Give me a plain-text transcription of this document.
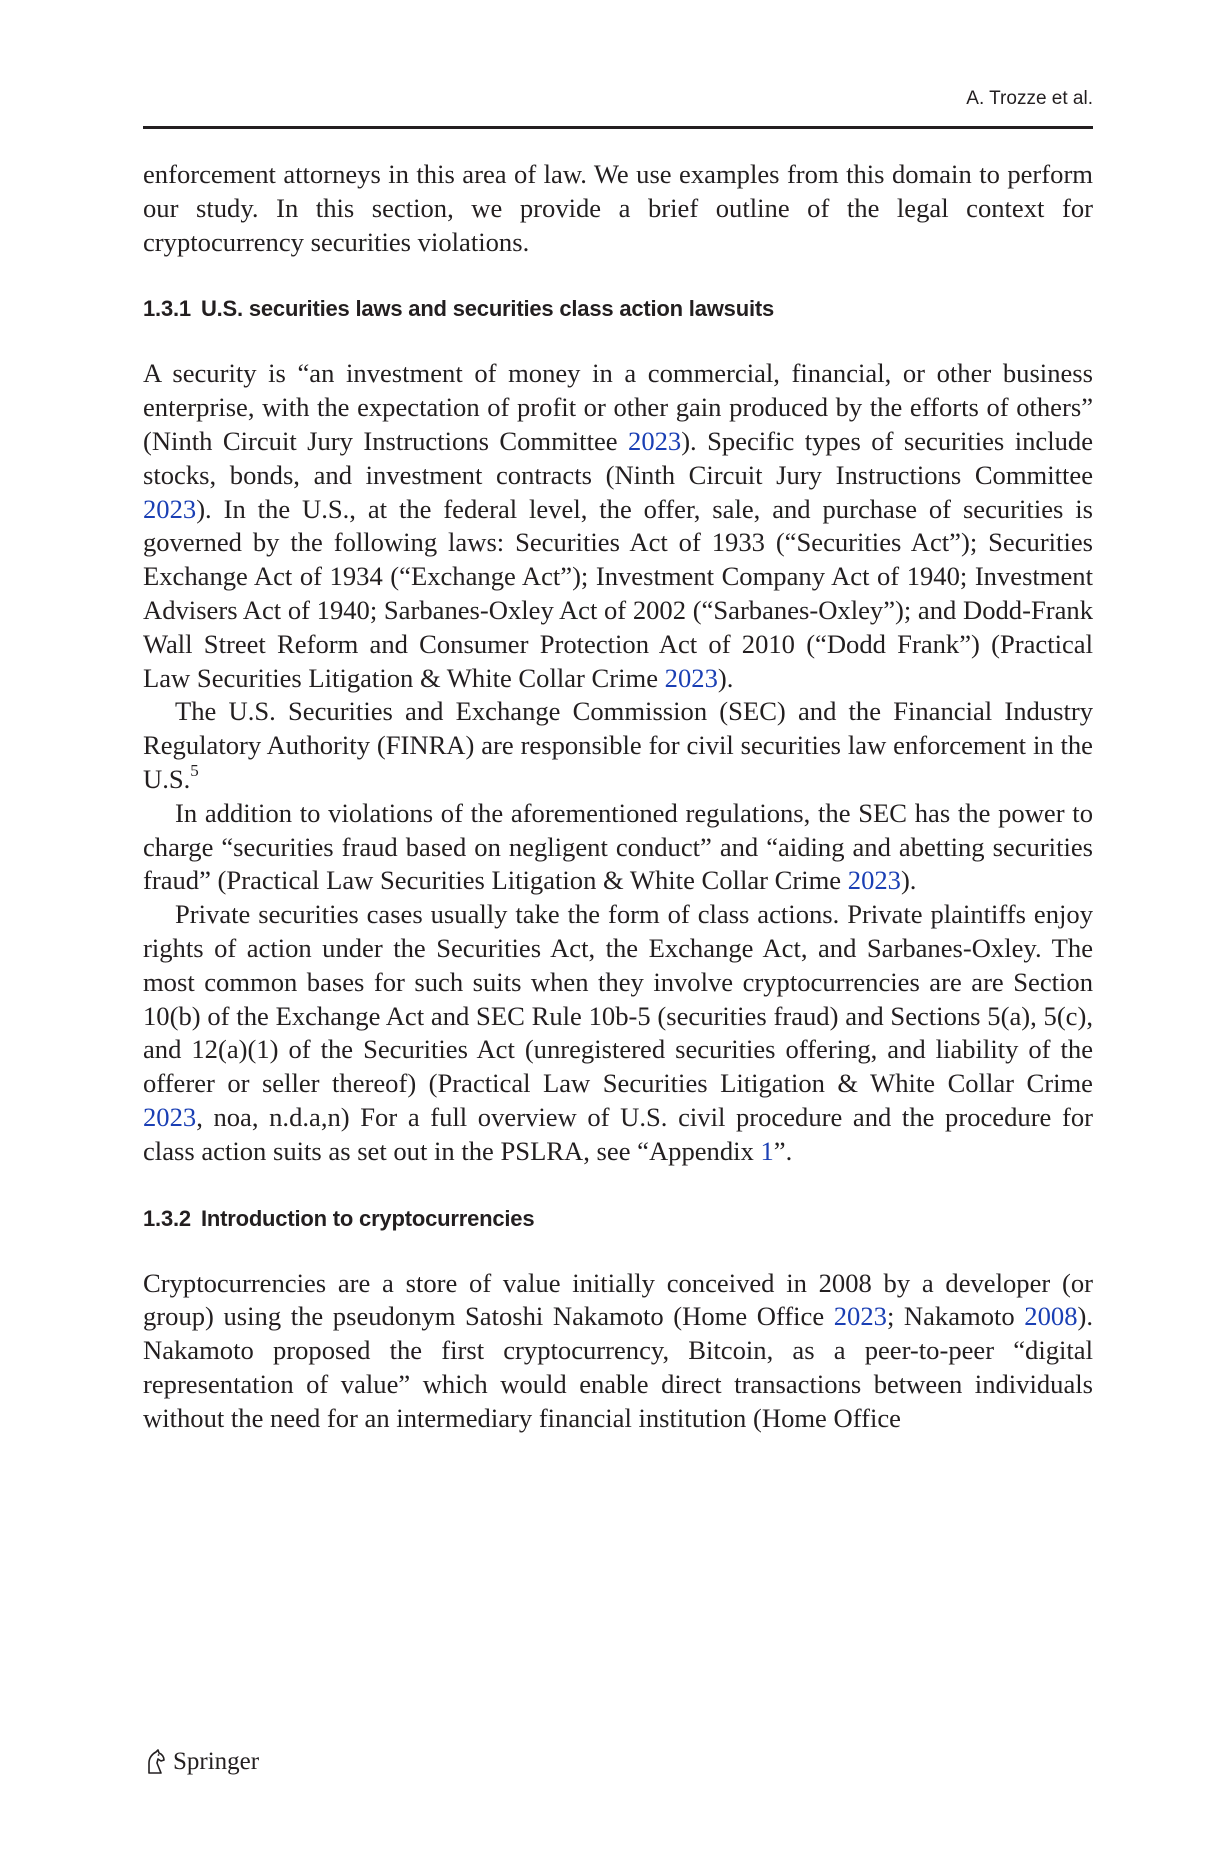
A. Trozze et al.

enforcement attorneys in this area of law. We use examples from this domain to perform our study. In this section, we provide a brief outline of the legal context for cryptocurrency securities violations.

1.3.1 U.S. securities laws and securities class action lawsuits

A security is “an investment of money in a commercial, financial, or other business enterprise, with the expectation of profit or other gain produced by the efforts of others” (Ninth Circuit Jury Instructions Committee 2023). Specific types of securities include stocks, bonds, and investment contracts (Ninth Circuit Jury Instructions Committee 2023). In the U.S., at the federal level, the offer, sale, and purchase of securities is governed by the following laws: Securities Act of 1933 (“Securities Act”); Securities Exchange Act of 1934 (“Exchange Act”); Investment Company Act of 1940; Investment Advisers Act of 1940; Sarbanes-Oxley Act of 2002 (“Sarbanes-Oxley”); and Dodd-Frank Wall Street Reform and Consumer Protection Act of 2010 (“Dodd Frank”) (Practical Law Securities Litigation & White Collar Crime 2023).

The U.S. Securities and Exchange Commission (SEC) and the Financial Industry Regulatory Authority (FINRA) are responsible for civil securities law enforcement in the U.S.$^5$

In addition to violations of the aforementioned regulations, the SEC has the power to charge “securities fraud based on negligent conduct” and “aiding and abetting securities fraud” (Practical Law Securities Litigation & White Collar Crime 2023).

Private securities cases usually take the form of class actions. Private plaintiffs enjoy rights of action under the Securities Act, the Exchange Act, and Sarbanes-Oxley. The most common bases for such suits when they involve cryptocurrencies are are Section 10(b) of the Exchange Act and SEC Rule 10b-5 (securities fraud) and Sections 5(a), 5(c), and 12(a)(1) of the Securities Act (unregistered securities offering, and liability of the offerer or seller thereof) (Practical Law Securities Litigation & White Collar Crime 2023, noa, n.d.a,n) For a full overview of U.S. civil procedure and the procedure for class action suits as set out in the PSLRA, see “Appendix 1”.

1.3.2 Introduction to cryptocurrencies

Cryptocurrencies are a store of value initially conceived in 2008 by a developer (or group) using the pseudonym Satoshi Nakamoto (Home Office 2023; Nakamoto 2008). Nakamoto proposed the first cryptocurrency, Bitcoin, as a peer-to-peer “digital representation of value” which would enable direct transactions between individuals without the need for an intermediary financial institution (Home Office

Springer
